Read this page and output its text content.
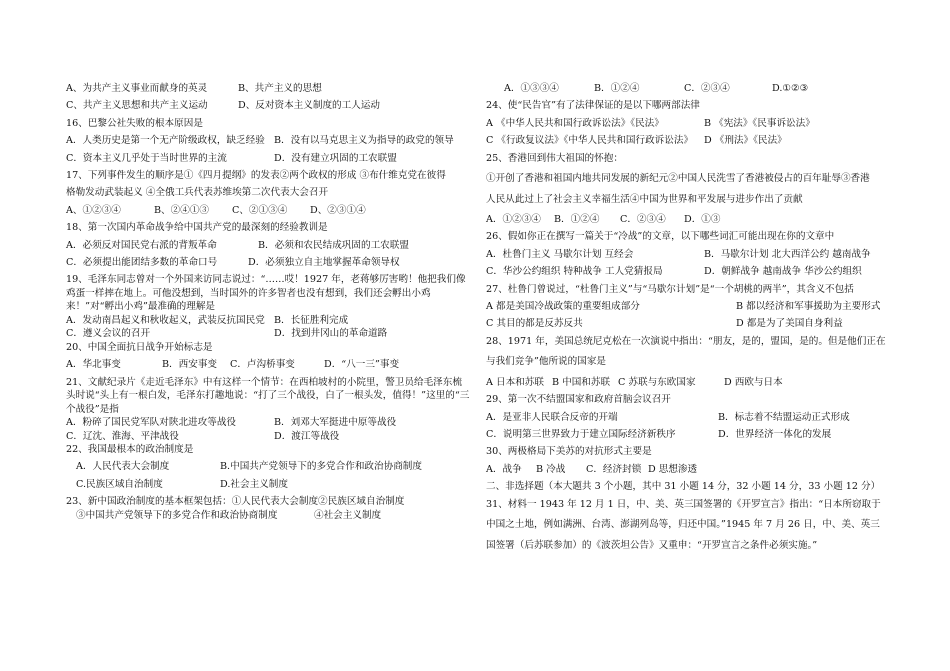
A、为共产主义事业而献身的英灵	B、共产主义的思想
C、共产主义思想和共产主义运动	D、反对资本主义制度的工人运动
16、巴黎公社失败的根本原因是
A．人类历史是第一个无产阶级政权，缺乏经验 B．没有以马克思主义为指导的政党的领导
C．资本主义几乎处于当时世界的主流	D．没有建立巩固的工农联盟
17、下列事件发生的顺序是①《四月提纲》的发表②两个政权的形成 ③布什维克党在彼得
格勒发动武装起义 ④全俄工兵代表苏维埃第二次代表大会召开
A、①②③④	B、②④①③ C、②①③④ D、②③①④
18、第一次国内革命战争给中国共产党的最深刻的经验教训是
A．必须反对国民党右派的背叛革命	B．必须和农民结成巩固的工农联盟
C．必须提出能团结多数的革命口号	D．必须独立自主地掌握革命领导权
19、毛泽东同志曾对一个外国来访同志说过：“……哎！1927 年，老蒋够厉害哟！他把我们像
鸡蛋一样摔在地上。可他没想到，当时国外的许多智者也没有想到，我们还会孵出小鸡
来！”对“孵出小鸡”最准确的理解是
A．发动南昌起义和秋收起义，武装反抗国民党 B．长征胜利完成
C．遵义会议的召开	D．找到井冈山的革命道路
20、中国全面抗日战争开始标志是
A．华北事变	B．西安事变 C．卢沟桥事变	D．“八一三”事变
21、文献纪录片《走近毛泽东》中有这样一个情节：在西柏坡村的小院里，警卫员给毛泽东梳
头时说“头上有一根白发，毛泽东打趣地说：“打了三个战役，白了一根头发，值得！”这里的“三
个战役”是指
A．粉碎了国民党军队对陕北进攻等战役	B．刘邓大军挺进中原等战役
C．辽沈、淮海、平津战役	D．渡江等战役
22、我国最根本的政治制度是
A．人民代表大会制度	B.中国共产党领导下的多党合作和政治协商制度
C.民族区域自治制度	D.社会主义制度
23、新中国政治制度的基本框架包括：①人民代表大会制度②民族区域自治制度
③中国共产党领导下的多党合作和政治协商制度	④社会主义制度
A．①③③④	B．①②④	C．②③④	D.①②③
24、使“民告官”有了法律保证的是以下哪两部法律
A 《中华人民共和国行政诉讼法》《民法》	B 《宪法》《民事诉讼法》
C 《行政复议法》《中华人民共和国行政诉讼法》 D 《刑法》《民法》
25、香港回到伟大祖国的怀抱：
①开创了香港和祖国内地共同发展的新纪元②中国人民洗雪了香港被侵占的百年耻辱③香港
人民从此过上了社会主义幸福生活④中国为世界和平发展与进步作出了贡献
A．①②③④ B．①②④ C．②③④ D．①③
26、假如你正在撰写一篇关于“冷战”的文章，以下哪些词汇可能出现在你的文章中
A．杜鲁门主义 马歇尔计划 互经会	B．马歇尔计划 北大西洋公约 越南战争
C．华沙公约组织 特种战争 工人党猜报局	D．朝鲜战争 越南战争 华沙公约组织
27、杜鲁门曾说过，“杜鲁门主义”与“马歇尔计划”是“一个胡桃的两半”，其含义不包括
A 都是美国冷战政策的重要组成部分	B 都以经济和军事援助为主要形式
C 其目的都是反苏反共	D 都是为了美国自身利益
28、1971 年，美国总统尼克松在一次演说中指出：“朋友，是的，盟国，是的。但是他们正在
与我们竞争”他所说的国家是
A 日本和苏联 B 中国和苏联 C 苏联与东欧国家	D 西欧与日本
29、第一次不结盟国家和政府首脑会议召开
A．是亚非人民联合反帝的开端	B．标志着不结盟运动正式形成
C．说明第三世界致力于建立国际经济新秩序	D．世界经济一体化的发展
30、两极格局下美苏的对抗形式主要是
A．战争 B 冷战 C．经济封锁 D 思想渗透
二、非选择题（本大题共 3 个小题，其中 31 小题 14 分，32 小题 14 分，33 小题 12 分）
31、材料一 1943 年 12 月 1 日，中、美、英三国签署的《开罗宣言》指出：“日本所窃取于
中国之土地，例如满洲、台湾、澎湖列岛等，归还中国。”1945 年 7 月 26 日，中、美、英三
国签署（后苏联参加）的《波茨坦公告》又重申：“开罗宣言之条件必须实施。”
